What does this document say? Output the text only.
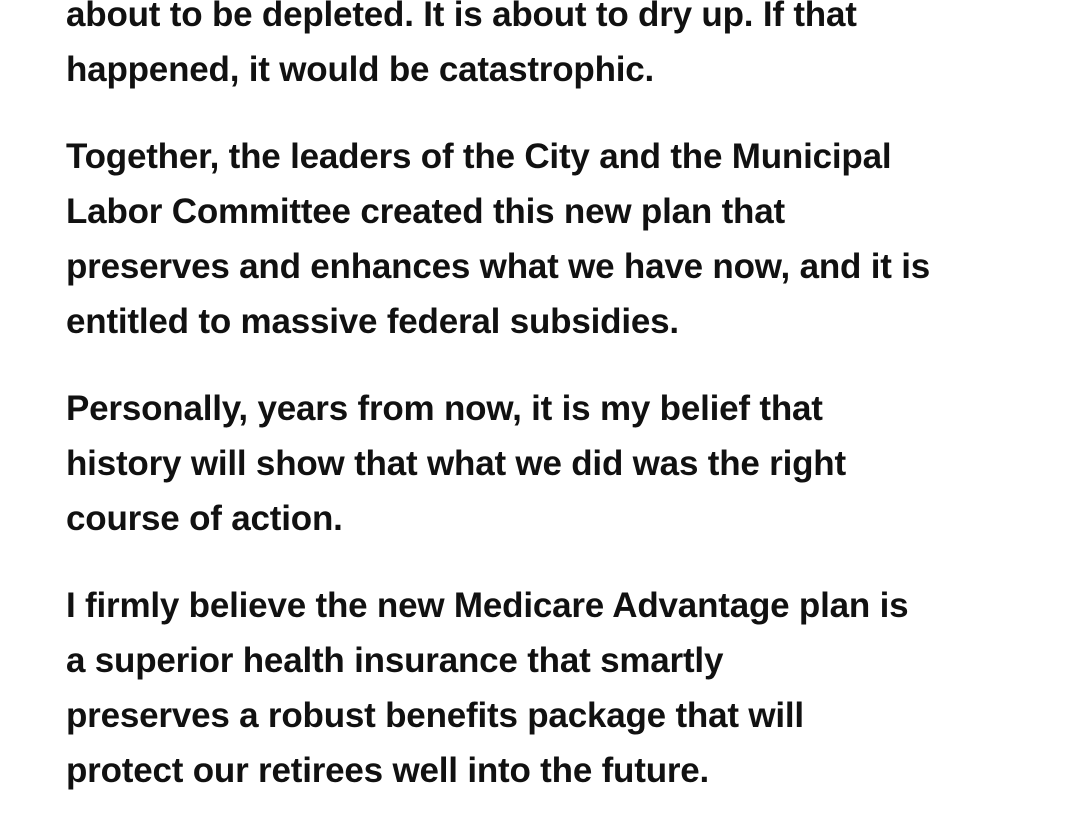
about to be depleted. It is about to dry up. If that
happened, it would be catastrophic.

Together, the leaders of the City and the Municipal
Labor Committee created this new plan that
preserves and enhances what we have now, and it is
entitled to massive federal subsidies.

Personally, years from now, it is my belief that
history will show that what we did was the right
course of action.

I firmly believe the new Medicare Advantage plan is
a superior health insurance that smartly
preserves a robust benefits package that will
protect our retirees well into the future.
